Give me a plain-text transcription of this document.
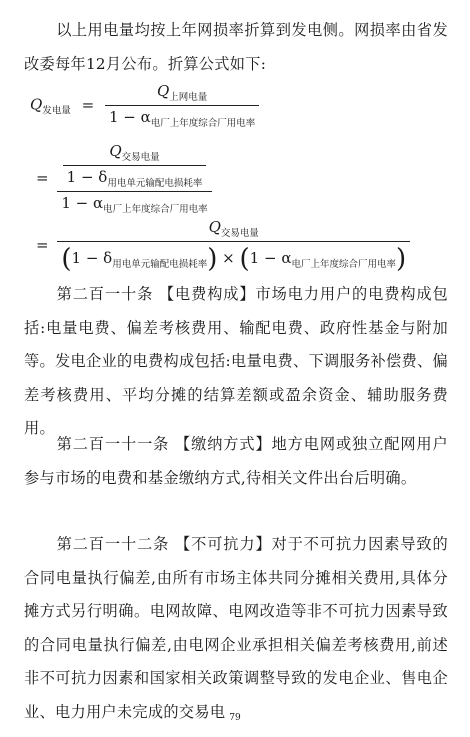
以上用电量均按上年网损率折算到发电侧。网损率由省发改委每年12月公布。折算公式如下:
$Q_{发电量} = \frac{Q_{上网电量}}{1 - \alpha_{电厂上年度综合厂用电率}}$
= $\frac{\frac{Q_{交易电量}}{1 - \delta_{用电单元输配电损耗率}}}{1 - \alpha_{电厂上年度综合厂用电率}}$
= $\frac{Q_{交易电量}}{(1 - \delta_{用电单元输配电损耗率}) \times (1 - \alpha_{电厂上年度综合厂用电率})}$
第二百一十条 【电费构成】市场电力用户的电费构成包括:电量电费、偏差考核费用、输配电费、政府性基金与附加等。发电企业的电费构成包括:电量电费、下调服务补偿费、偏差考核费用、平均分摊的结算差额或盈余资金、辅助服务费用。
第二百一十一条 【缴纳方式】地方电网或独立配网用户参与市场的电费和基金缴纳方式,待相关文件出台后明确。
第二百一十二条 【不可抗力】对于不可抗力因素导致的合同电量执行偏差,由所有市场主体共同分摊相关费用,具体分摊方式另行明确。电网故障、电网改造等非不可抗力因素导致的合同电量执行偏差,由电网企业承担相关偏差考核费用,前述非不可抗力因素和国家相关政策调整导致的发电企业、售电企业、电力用户未完成的交易电 79
